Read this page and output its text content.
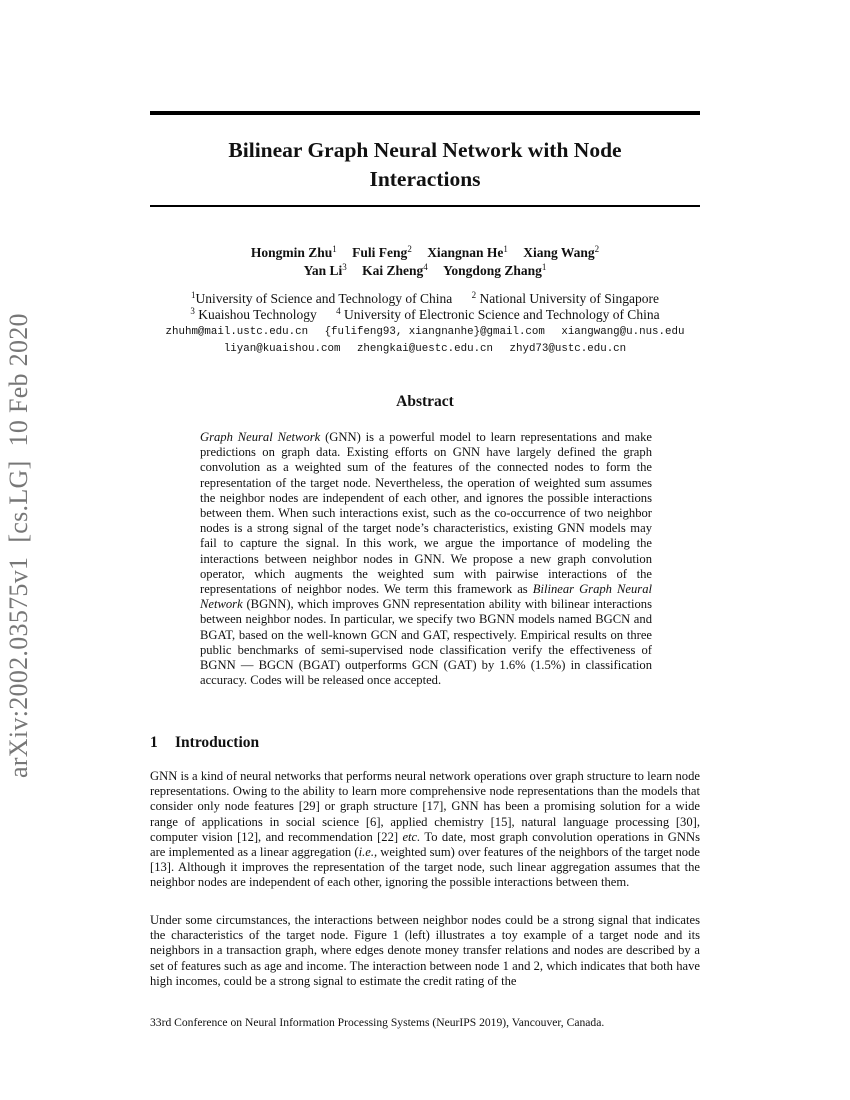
Bilinear Graph Neural Network with Node
Interactions
Hongmin Zhu$^1$ Fuli Feng$^2$ Xiangnan He$^1$ Xiang Wang$^2$
Yan Li$^3$ Kai Zheng$^4$ Yongdong Zhang$^1$
$^1$University of Science and Technology of China $^2$ National University of Singapore
$^3$ Kuaishou Technology $^4$ University of Electronic Science and Technology of China
zhuhm@mail.ustc.edu.cn {fulifeng93, xiangnanhe}@gmail.com xiangwang@u.nus.edu
liyan@kuaishou.com zhengkai@uestc.edu.cn zhyd73@ustc.edu.cn
Abstract

Graph Neural Network (GNN) is a powerful model to learn representations and make predictions on graph data. Existing efforts on GNN have largely defined the graph convolution as a weighted sum of the features of the connected nodes to form the representation of the target node. Nevertheless, the operation of weighted sum assumes the neighbor nodes are independent of each other, and ignores the possible interactions between them. When such interactions exist, such as the co-occurrence of two neighbor nodes is a strong signal of the target node’s characteristics, existing GNN models may fail to capture the signal. In this work, we argue the importance of modeling the interactions between neighbor nodes in GNN. We propose a new graph convolution operator, which augments the weighted sum with pairwise interactions of the representations of neighbor nodes. We term this framework as Bilinear Graph Neural Network (BGNN), which improves GNN representation ability with bilinear interactions between neighbor nodes. In particular, we specify two BGNN models named BGCN and BGAT, based on the well-known GCN and GAT, respectively. Empirical results on three public benchmarks of semi-supervised node classification verify the effectiveness of BGNN — BGCN (BGAT) outperforms GCN (GAT) by 1.6% (1.5%) in classification accuracy. Codes will be released once accepted.

1 Introduction

GNN is a kind of neural networks that performs neural network operations over graph structure to learn node representations. Owing to the ability to learn more comprehensive node representations than the models that consider only node features [29] or graph structure [17], GNN has been a promising solution for a wide range of applications in social science [6], applied chemistry [15], natural language processing [30], computer vision [12], and recommendation [22] etc. To date, most graph convolution operations in GNNs are implemented as a linear aggregation (i.e., weighted sum) over features of the neighbors of the target node [13]. Although it improves the representation of the target node, such linear aggregation assumes that the neighbor nodes are independent of each other, ignoring the possible interactions between them.

Under some circumstances, the interactions between neighbor nodes could be a strong signal that indicates the characteristics of the target node. Figure 1 (left) illustrates a toy example of a target node and its neighbors in a transaction graph, where edges denote money transfer relations and nodes are described by a set of features such as age and income. The interaction between node 1 and 2, which indicates that both have high incomes, could be a strong signal to estimate the credit rating of the

33rd Conference on Neural Information Processing Systems (NeurIPS 2019), Vancouver, Canada.
arXiv:2002.03575v1[cs.LG]10 Feb 2020
